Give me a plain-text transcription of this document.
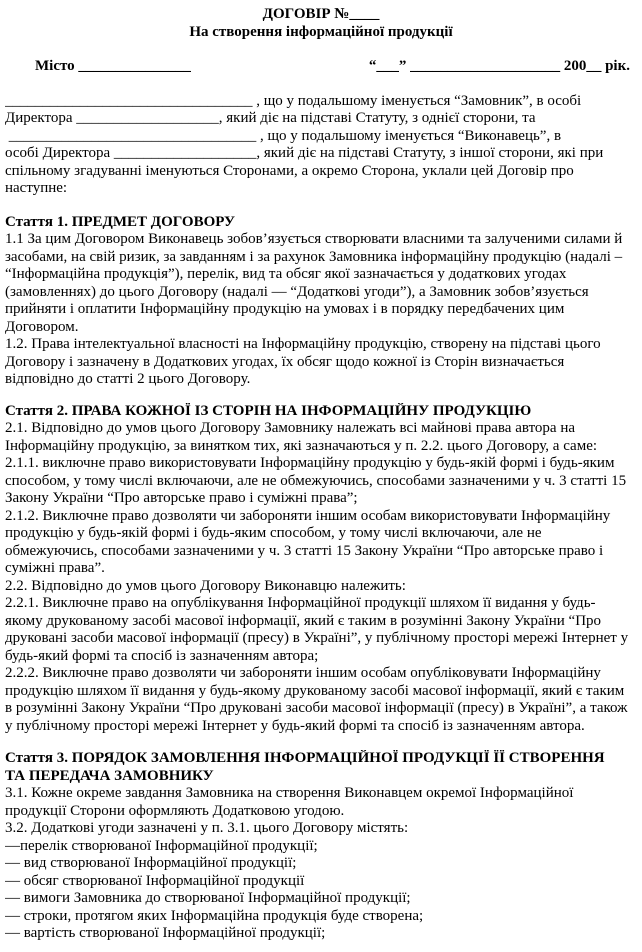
ДОГОВІР №____
На створення інформаційної продукції
Місто _______________	“___” ____________________ 200__ рік.
_________________________________ , що у подальшому іменується “Замовник”, в особі
Директора ___________________, який діє на підставі Статуту, з однієї сторони, та
_________________________________ , що у подальшому іменується “Виконавець”, в
особі Директора ___________________, який діє на підставі Статуту, з іншої сторони, які при
спільному згадуванні іменуються Сторонами, а окремо Сторона, уклали цей Договір про
наступне:
Стаття 1. ПРЕДМЕТ ДОГОВОРУ
1.1 За цим Договором Виконавець зобов’язується створювати власними та залученими силами й
засобами, на свій ризик, за завданням і за рахунок Замовника інформаційну продукцію (надалі –
“Інформаційна продукція”), перелік, вид та обсяг якої зазначається у додаткових угодах
(замовленнях) до цього Договору (надалі — “Додаткові угоди”), а Замовник зобов’язується
прийняти і оплатити Інформаційну продукцію на умовах і в порядку передбачених цим
Договором.
1.2. Права інтелектуальної власності на Інформаційну продукцію, створену на підставі цього
Договору і зазначену в Додаткових угодах, їх обсяг щодо кожної із Сторін визначається
відповідно до статті 2 цього Договору.
Стаття 2. ПРАВА КОЖНОЇ ІЗ СТОРІН НА ІНФОРМАЦІЙНУ ПРОДУКЦІЮ
2.1. Відповідно до умов цього Договору Замовнику належать всі майнові права автора на
Інформаційну продукцію, за винятком тих, які зазначаються у п. 2.2. цього Договору, а саме:
2.1.1. виключне право використовувати Інформаційну продукцію у будь-якій формі і будь-яким
способом, у тому числі включаючи, але не обмежуючись, способами зазначеними у ч. 3 статті 15
Закону України “Про авторське право і суміжні права”;
2.1.2. Виключне право дозволяти чи забороняти іншим особам використовувати Інформаційну
продукцію у будь-якій формі і будь-яким способом, у тому числі включаючи, але не
обмежуючись, способами зазначеними у ч. 3 статті 15 Закону України “Про авторське право і
суміжні права”.
2.2. Відповідно до умов цього Договору Виконавцю належить:
2.2.1. Виключне право на опублікування Інформаційної продукції шляхом її видання у будь-
якому друкованому засобі масової інформації, який є таким в розумінні Закону України “Про
друковані засоби масової інформації (пресу) в Україні”, у публічному просторі мережі Інтернет у
будь-який формі та спосіб із зазначенням автора;
2.2.2. Виключне право дозволяти чи забороняти іншим особам опубліковувати Інформаційну
продукцію шляхом її видання у будь-якому друкованому засобі масової інформації, який є таким
в розумінні Закону України “Про друковані засоби масової інформації (пресу) в Україні”, а також
у публічному просторі мережі Інтернет у будь-який формі та спосіб із зазначенням автора.
Стаття 3. ПОРЯДОК ЗАМОВЛЕННЯ ІНФОРМАЦІЙНОЇ ПРОДУКЦІЇ ЇЇ СТВОРЕННЯ
ТА ПЕРЕДАЧА ЗАМОВНИКУ
3.1. Кожне окреме завдання Замовника на створення Виконавцем окремої Інформаційної
продукції Сторони оформляють Додатковою угодою.
3.2. Додаткові угоди зазначені у п. 3.1. цього Договору містять:
—перелік створюваної Інформаційної продукції;
— вид створюваної Інформаційної продукції;
— обсяг створюваної Інформаційної продукції
— вимоги Замовника до створюваної Інформаційної продукції;
— строки, протягом яких Інформаційна продукція буде створена;
— вартість створюваної Інформаційної продукції;
